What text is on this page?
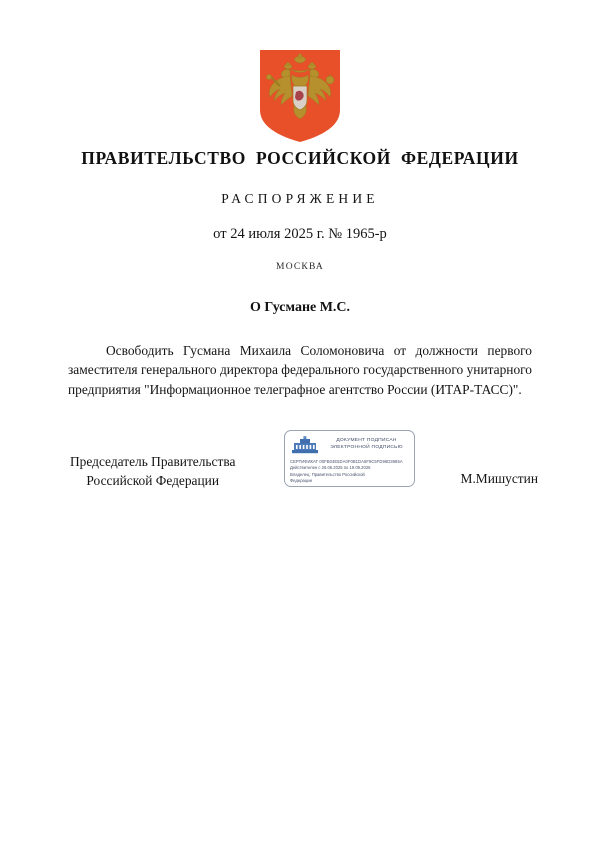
ПРАВИТЕЛЬСТВО РОССИЙСКОЙ ФЕДЕРАЦИИ
РАСПОРЯЖЕНИЕ
от 24 июля 2025 г. № 1965-р
МОСКВА
О Гусмане М.С.

Освободить Гусмана Михаила Соломоновича от должности первого заместителя генерального директора федерального государственного унитарного предприятия "Информационное телеграфное агентство России (ИТАР-ТАСС)".

Председатель Правительства
Российской Федерации	М.Мишустин
ДОКУМЕНТ ПОДПИСАН ЭЛЕКТРОННОЙ ПОДПИСЬЮ
СЕРТИФИКАТ 00FB04E5DA0F0B1DA5F9C5FD96D3985A
Действителен с 26.06.2025 по 19.09.2026
Владелец: Правительство Российской
Федерации
